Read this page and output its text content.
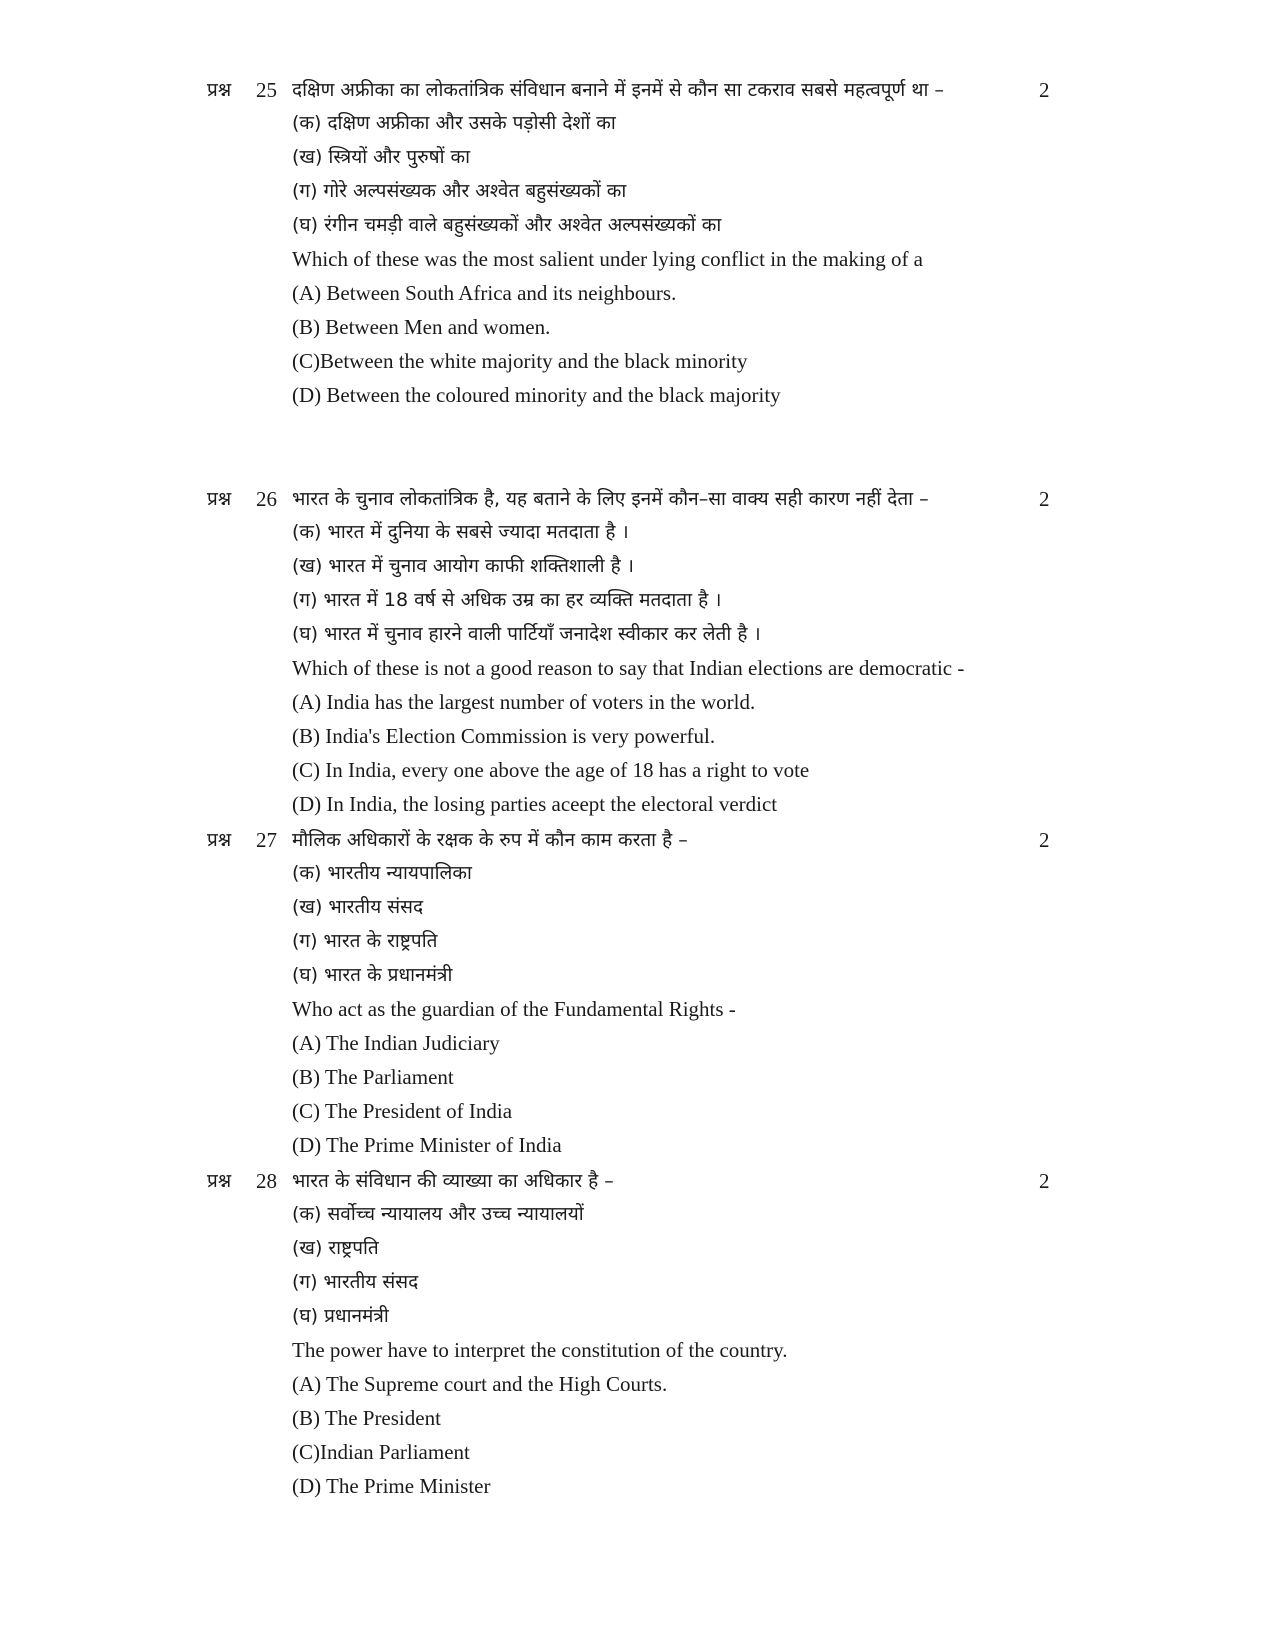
प्रश्न 25 दक्षिण अफ्रीका का लोकतांत्रिक संविधान बनाने में इनमें से कौन सा टकराव सबसे महत्वपूर्ण था –	2
(क) दक्षिण अफ्रीका और उसके पड़ोसी देशों का
(ख) स्त्रियों और पुरुषों का
(ग) गोरे अल्पसंख्यक और अश्वेत बहुसंख्यकों का
(घ) रंगीन चमड़ी वाले बहुसंख्यकों और अश्वेत अल्पसंख्यकों का
Which of these was the most salient under lying conflict in the making of a
(A) Between South Africa and its neighbours.
(B) Between Men and women.
(C)Between the white majority and the black minority
(D) Between the coloured minority and the black majority
प्रश्न 26 भारत के चुनाव लोकतांत्रिक है, यह बताने के लिए इनमें कौन–सा वाक्य सही कारण नहीं देता –	2
(क) भारत में दुनिया के सबसे ज्यादा मतदाता है ।
(ख) भारत में चुनाव आयोग काफी शक्तिशाली है ।
(ग) भारत में 18 वर्ष से अधिक उम्र का हर व्यक्ति मतदाता है ।
(घ) भारत में चुनाव हारने वाली पार्टियाँ जनादेश स्वीकार कर लेती है ।
Which of these is not a good reason to say that Indian elections are democratic -
(A) India has the largest number of voters in the world.
(B) India's Election Commission is very powerful.
(C) In India, every one above the age of 18 has a right to vote
(D) In India, the losing parties aceept the electoral verdict
प्रश्न 27 मौलिक अधिकारों के रक्षक के रुप में कौन काम करता है –	2
(क) भारतीय न्यायपालिका
(ख) भारतीय संसद
(ग) भारत के राष्ट्रपति
(घ) भारत के प्रधानमंत्री
Who act as the guardian of the Fundamental Rights -
(A) The Indian Judiciary
(B) The Parliament
(C) The President of India
(D) The Prime Minister of India
प्रश्न 28 भारत के संविधान की व्याख्या का अधिकार है –	2
(क) सर्वोच्च न्यायालय और उच्च न्यायालयों
(ख) राष्ट्रपति
(ग) भारतीय संसद
(घ) प्रधानमंत्री
The power have to interpret the constitution of the country.
(A) The Supreme court and the High Courts.
(B) The President
(C)Indian Parliament
(D) The Prime Minister
